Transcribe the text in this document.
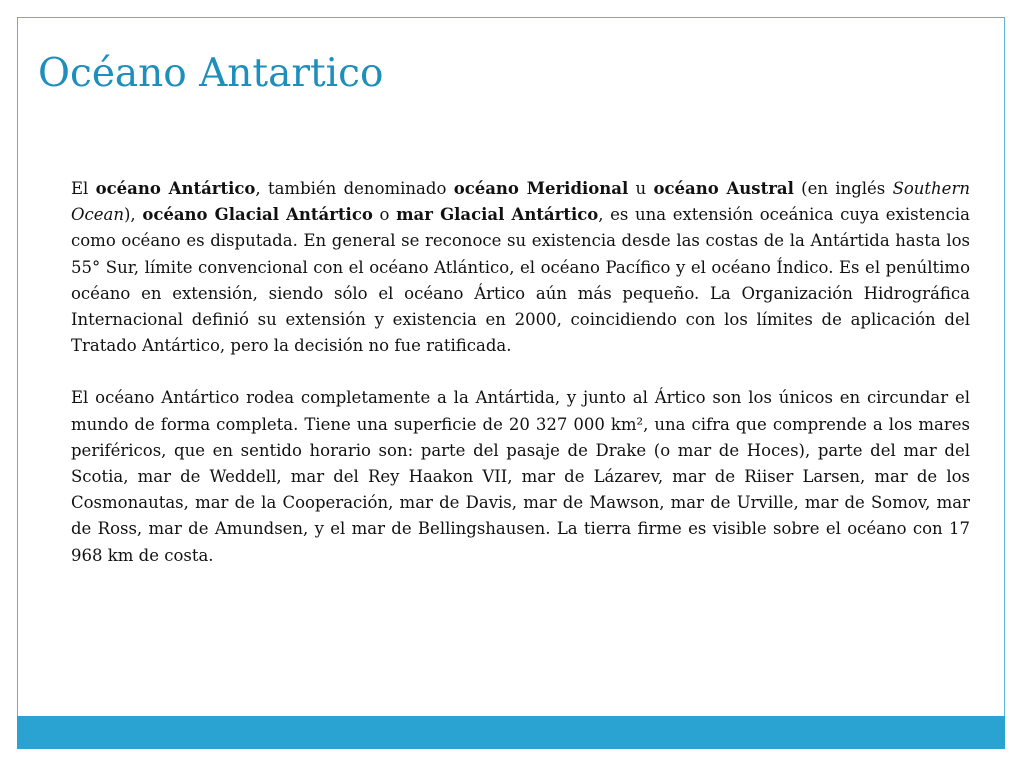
Océano Antartico

El océano Antártico, también denominado océano Meridional u océano Austral (en inglés Southern Ocean), océano Glacial Antártico o mar Glacial Antártico, es una extensión oceánica cuya existencia como océano es disputada. En general se reconoce su existencia desde las costas de la Antártida hasta los 55° Sur, límite convencional con el océano Atlántico, el océano Pacífico y el océano Índico. Es el penúltimo océano en extensión, siendo sólo el océano Ártico aún más pequeño. La Organización Hidrográfica Internacional definió su extensión y existencia en 2000, coincidiendo con los límites de aplicación del Tratado Antártico, pero la decisión no fue ratificada.

El océano Antártico rodea completamente a la Antártida, y junto al Ártico son los únicos en circundar el mundo de forma completa. Tiene una superficie de 20 327 000 km², una cifra que comprende a los mares periféricos, que en sentido horario son: parte del pasaje de Drake (o mar de Hoces), parte del mar del Scotia, mar de Weddell, mar del Rey Haakon VII, mar de Lázarev, mar de Riiser Larsen, mar de los Cosmonautas, mar de la Cooperación, mar de Davis, mar de Mawson, mar de Urville, mar de Somov, mar de Ross, mar de Amundsen, y el mar de Bellingshausen. La tierra firme es visible sobre el océano con 17 968 km de costa.
